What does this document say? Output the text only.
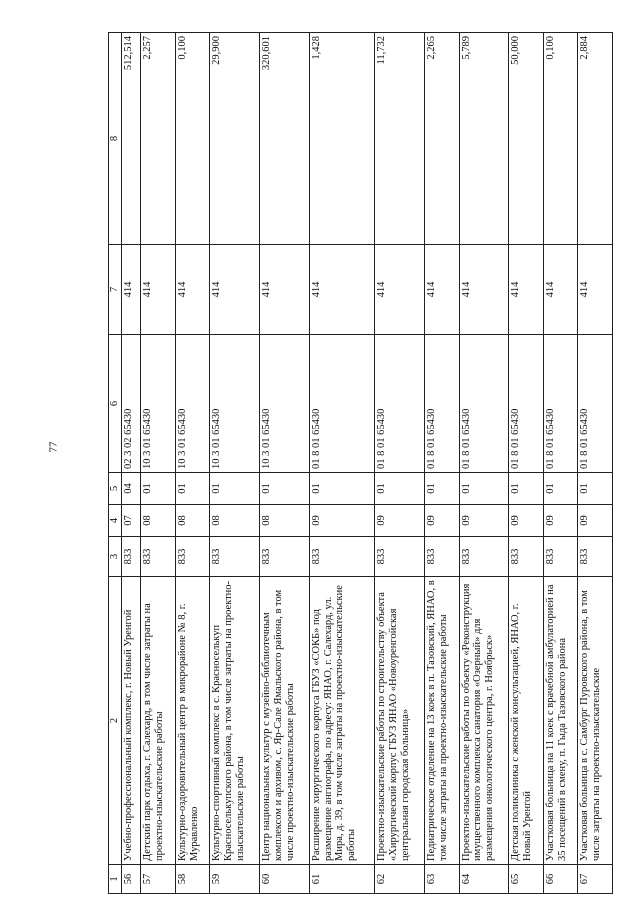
77
1	2	3	4	5	6	7	8
56	Учебно-профессиональный комплекс, г. Новый Уренгой	833	07	04	02 3 02 65430	414	512,514
57	Детский парк отдыха, г. Салехард, в том числе затраты на проектно-изыскательские работы	833	08	01	10 3 01 65430	414	2,257
58	Культурно-оздоровительный центр в микрорайоне № 8, г. Муравленко	833	08	01	10 3 01 65430	414	0,100
59	Культурно-спортивный комплекс в с. Красноселькуп Красноселькупского района, в том числе затраты на проектно-изыскательские работы	833	08	01	10 3 01 65430	414	29,900
60	Центр национальных культур с музейно-библиотечным комплексом и архивом, с. Яр-Сале Ямальского района, в том числе проектно-изыскательские работы	833	08	01	10 3 01 65430	414	320,601
61	Расширение хирургического корпуса ГБУЗ «СОКБ» под размещение ангиографа, по адресу: ЯНАО, г. Салехард, ул. Мира, д. 39, в том числе затраты на проектно-изыскательские работы	833	09	01	01 8 01 65430	414	1,428
62	Проектно-изыскательские работы по строительству объекта «Хирургический корпус ГБУЗ ЯНАО «Новоуренгойская центральная городская больница»	833	09	01	01 8 01 65430	414	11,732
63	Педиатрическое отделение на 13 коек в п. Тазовский, ЯНАО, в том числе затраты на проектно-изыскательские работы	833	09	01	01 8 01 65430	414	2,265
64	Проектно-изыскательские работы по объекту «Реконструкция имущественного комплекса санатория «Озерный» для размещения онкологического центра, г. Ноябрьск»	833	09	01	01 8 01 65430	414	5,789
65	Детская поликлиника с женской консультацией, ЯНАО, г. Новый Уренгой	833	09	01	01 8 01 65430	414	50,000
66	Участковая больница на 11 коек с врачебной амбулаторией на 35 посещений в смену, п. Гыда Тазовского района	833	09	01	01 8 01 65430	414	0,100
67	Участковая больница в с. Самбург Пуровского района, в том числе затраты на проектно-изыскательские	833	09	01	01 8 01 65430	414	2,884
